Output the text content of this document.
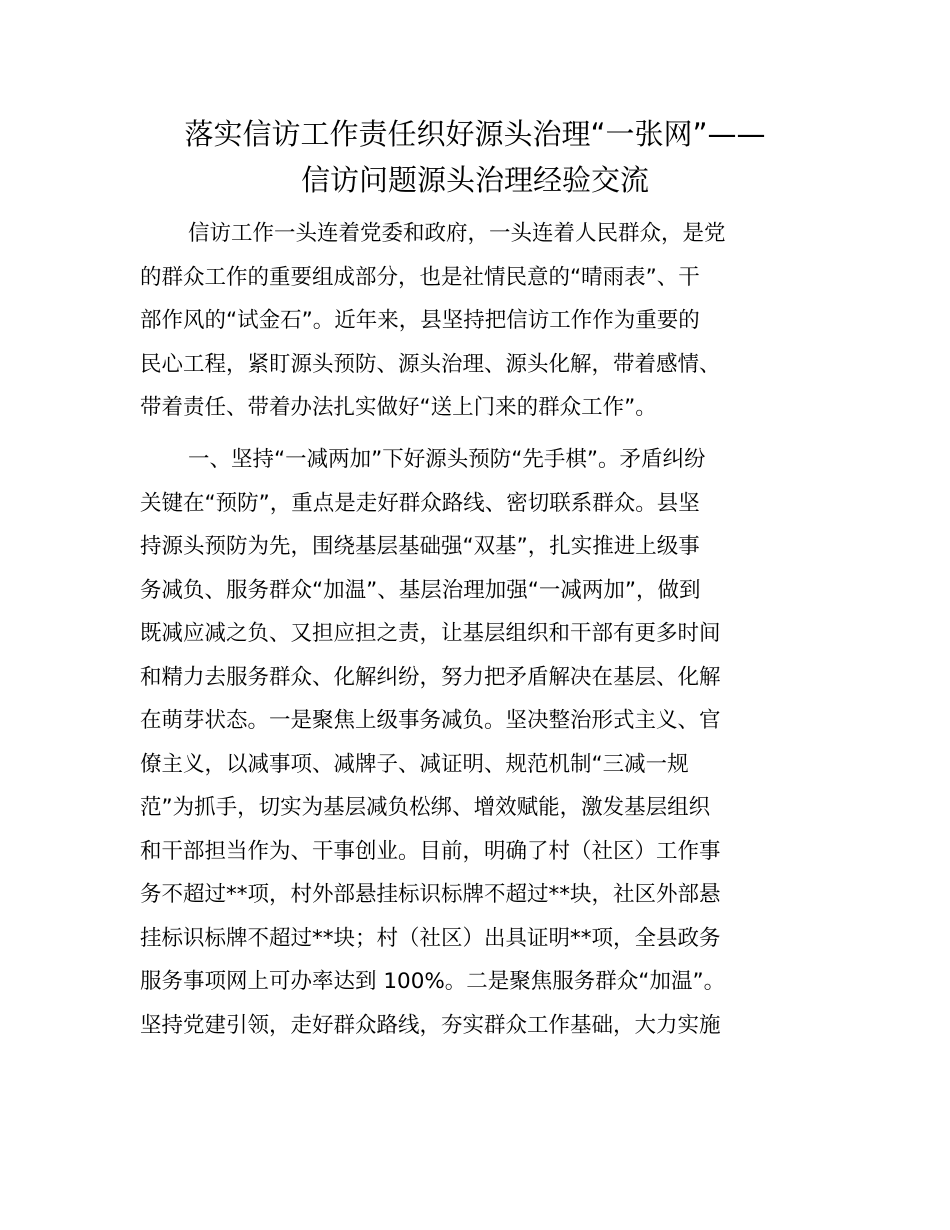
落实信访工作责任织好源头治理“一张网”——
信访问题源头治理经验交流
信访工作一头连着党委和政府，一头连着人民群众，是党
的群众工作的重要组成部分，也是社情民意的“晴雨表”、干
部作风的“试金石”。近年来，县坚持把信访工作作为重要的
民心工程，紧盯源头预防、源头治理、源头化解，带着感情、
带着责任、带着办法扎实做好“送上门来的群众工作”。
一、坚持“一减两加”下好源头预防“先手棋”。矛盾纠纷
关键在“预防”，重点是走好群众路线、密切联系群众。县坚
持源头预防为先，围绕基层基础强“双基”，扎实推进上级事
务减负、服务群众“加温”、基层治理加强“一减两加”，做到
既减应减之负、又担应担之责，让基层组织和干部有更多时间
和精力去服务群众、化解纠纷，努力把矛盾解决在基层、化解
在萌芽状态。一是聚焦上级事务减负。坚决整治形式主义、官
僚主义，以减事项、减牌子、减证明、规范机制“三减一规
范”为抓手，切实为基层减负松绑、增效赋能，激发基层组织
和干部担当作为、干事创业。目前，明确了村（社区）工作事
务不超过**项，村外部悬挂标识标牌不超过**块，社区外部悬
挂标识标牌不超过**块；村（社区）出具证明**项，全县政务
服务事项网上可办率达到 100%。二是聚焦服务群众“加温”。
坚持党建引领，走好群众路线，夯实群众工作基础，大力实施
